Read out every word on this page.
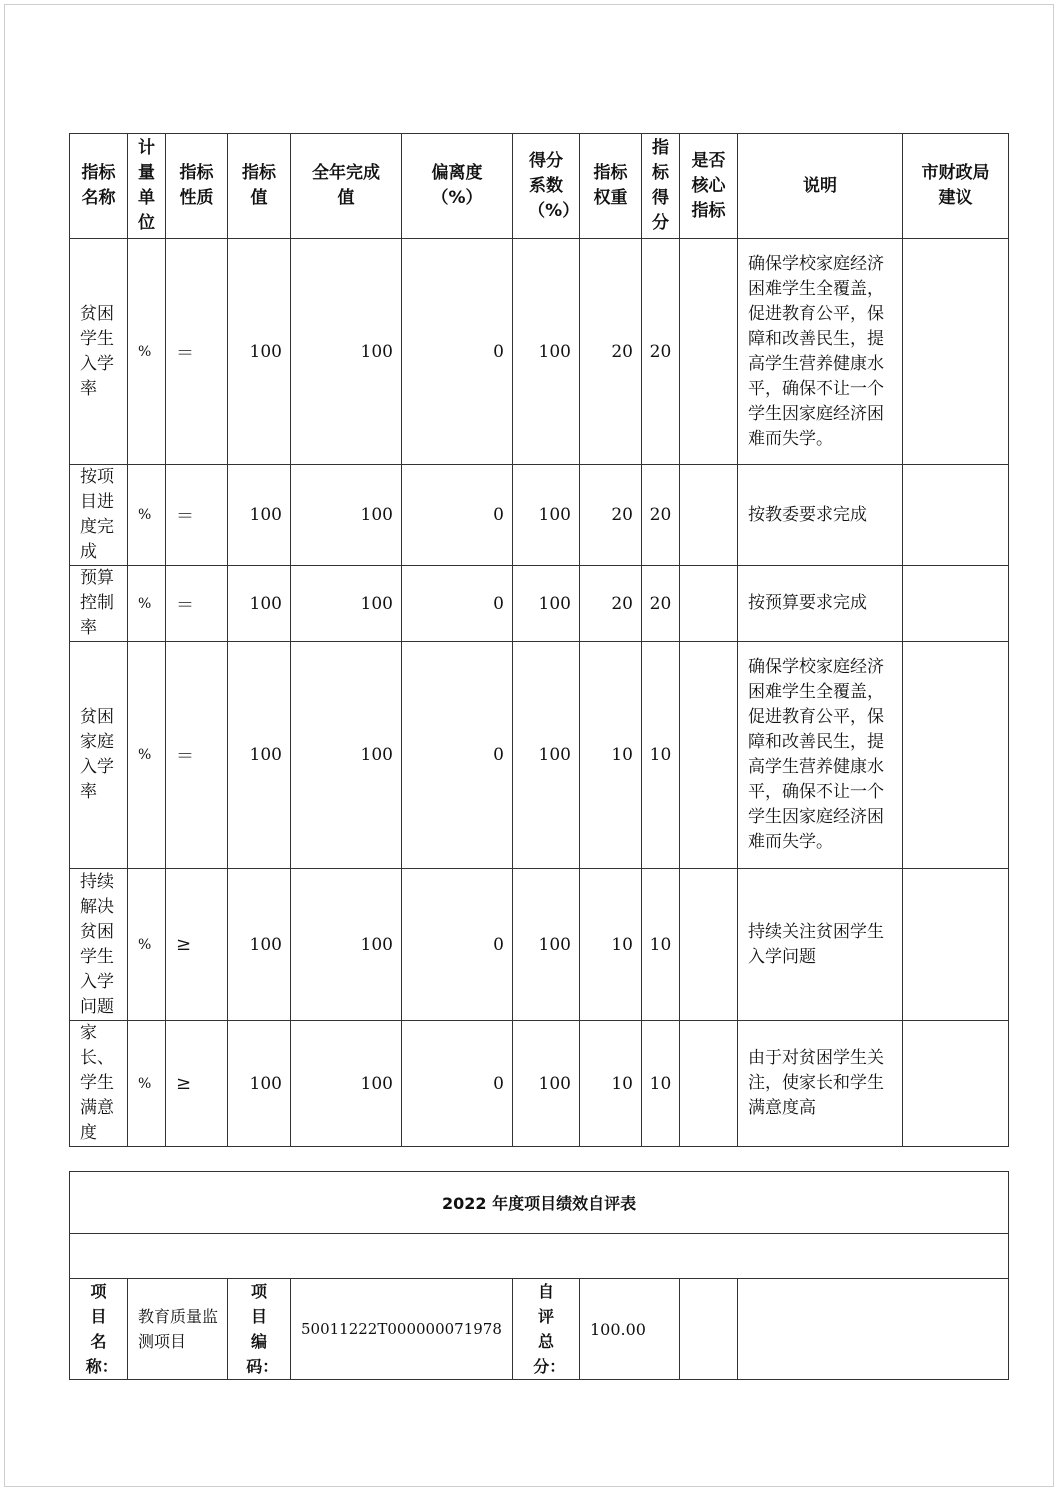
指标名称	计量单位	指标性质	指标值	全年完成值	偏离度（%）	得分系数（%）	指标权重	指标得分	是否核心指标	说明	市财政局建议

贫困学生入学率	%	＝	100	100	0	100	20	20		确保学校家庭经济困难学生全覆盖，促进教育公平，保障和改善民生，提高学生营养健康水平，确保不让一个学生因家庭经济困难而失学。	
按项目进度完成	%	＝	100	100	0	100	20	20		按教委要求完成	
预算控制率	%	＝	100	100	0	100	20	20		按预算要求完成	
贫困家庭入学率	%	＝	100	100	0	100	10	10		确保学校家庭经济困难学生全覆盖，促进教育公平，保障和改善民生，提高学生营养健康水平，确保不让一个学生因家庭经济困难而失学。	
持续解决贫困学生入学问题	%	≥	100	100	0	100	10	10		持续关注贫困学生入学问题	
家长、学生满意度	%	≥	100	100	0	100	10	10		由于对贫困学生关注，使家长和学生满意度高	
2022 年度项目绩效自评表

项目名称：
	教育质量监测项目	
项目编码：
	50011222T000000071978	
自评总分：
	100.00		
